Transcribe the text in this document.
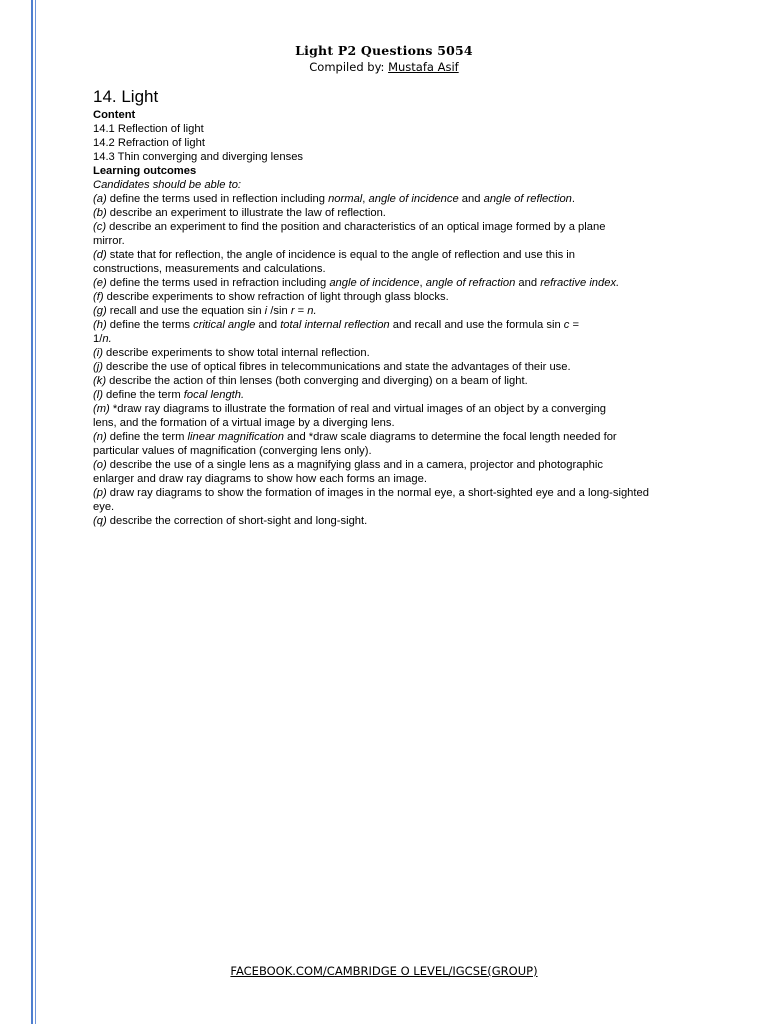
Light P2 Questions 5054
Compiled by: Mustafa Asif
14. Light
Content
14.1 Reflection of light
14.2 Refraction of light
14.3 Thin converging and diverging lenses
Learning outcomes
Candidates should be able to:
(a) define the terms used in reflection including normal, angle of incidence and angle of reflection.
(b) describe an experiment to illustrate the law of reflection.
(c) describe an experiment to find the position and characteristics of an optical image formed by a plane
mirror.
(d) state that for reflection, the angle of incidence is equal to the angle of reflection and use this in
constructions, measurements and calculations.
(e) define the terms used in refraction including angle of incidence, angle of refraction and refractive index.
(f) describe experiments to show refraction of light through glass blocks.
(g) recall and use the equation sin i /sin r = n.
(h) define the terms critical angle and total internal reflection and recall and use the formula sin c =
1/n.
(i) describe experiments to show total internal reflection.
(j) describe the use of optical fibres in telecommunications and state the advantages of their use.
(k) describe the action of thin lenses (both converging and diverging) on a beam of light.
(l) define the term focal length.
(m) *draw ray diagrams to illustrate the formation of real and virtual images of an object by a converging
lens, and the formation of a virtual image by a diverging lens.
(n) define the term linear magnification and *draw scale diagrams to determine the focal length needed for
particular values of magnification (converging lens only).
(o) describe the use of a single lens as a magnifying glass and in a camera, projector and photographic
enlarger and draw ray diagrams to show how each forms an image.
(p) draw ray diagrams to show the formation of images in the normal eye, a short-sighted eye and a long-sighted eye.
(q) describe the correction of short-sight and long-sight.
FACEBOOK.COM/CAMBRIDGE O LEVEL/IGCSE(GROUP)
